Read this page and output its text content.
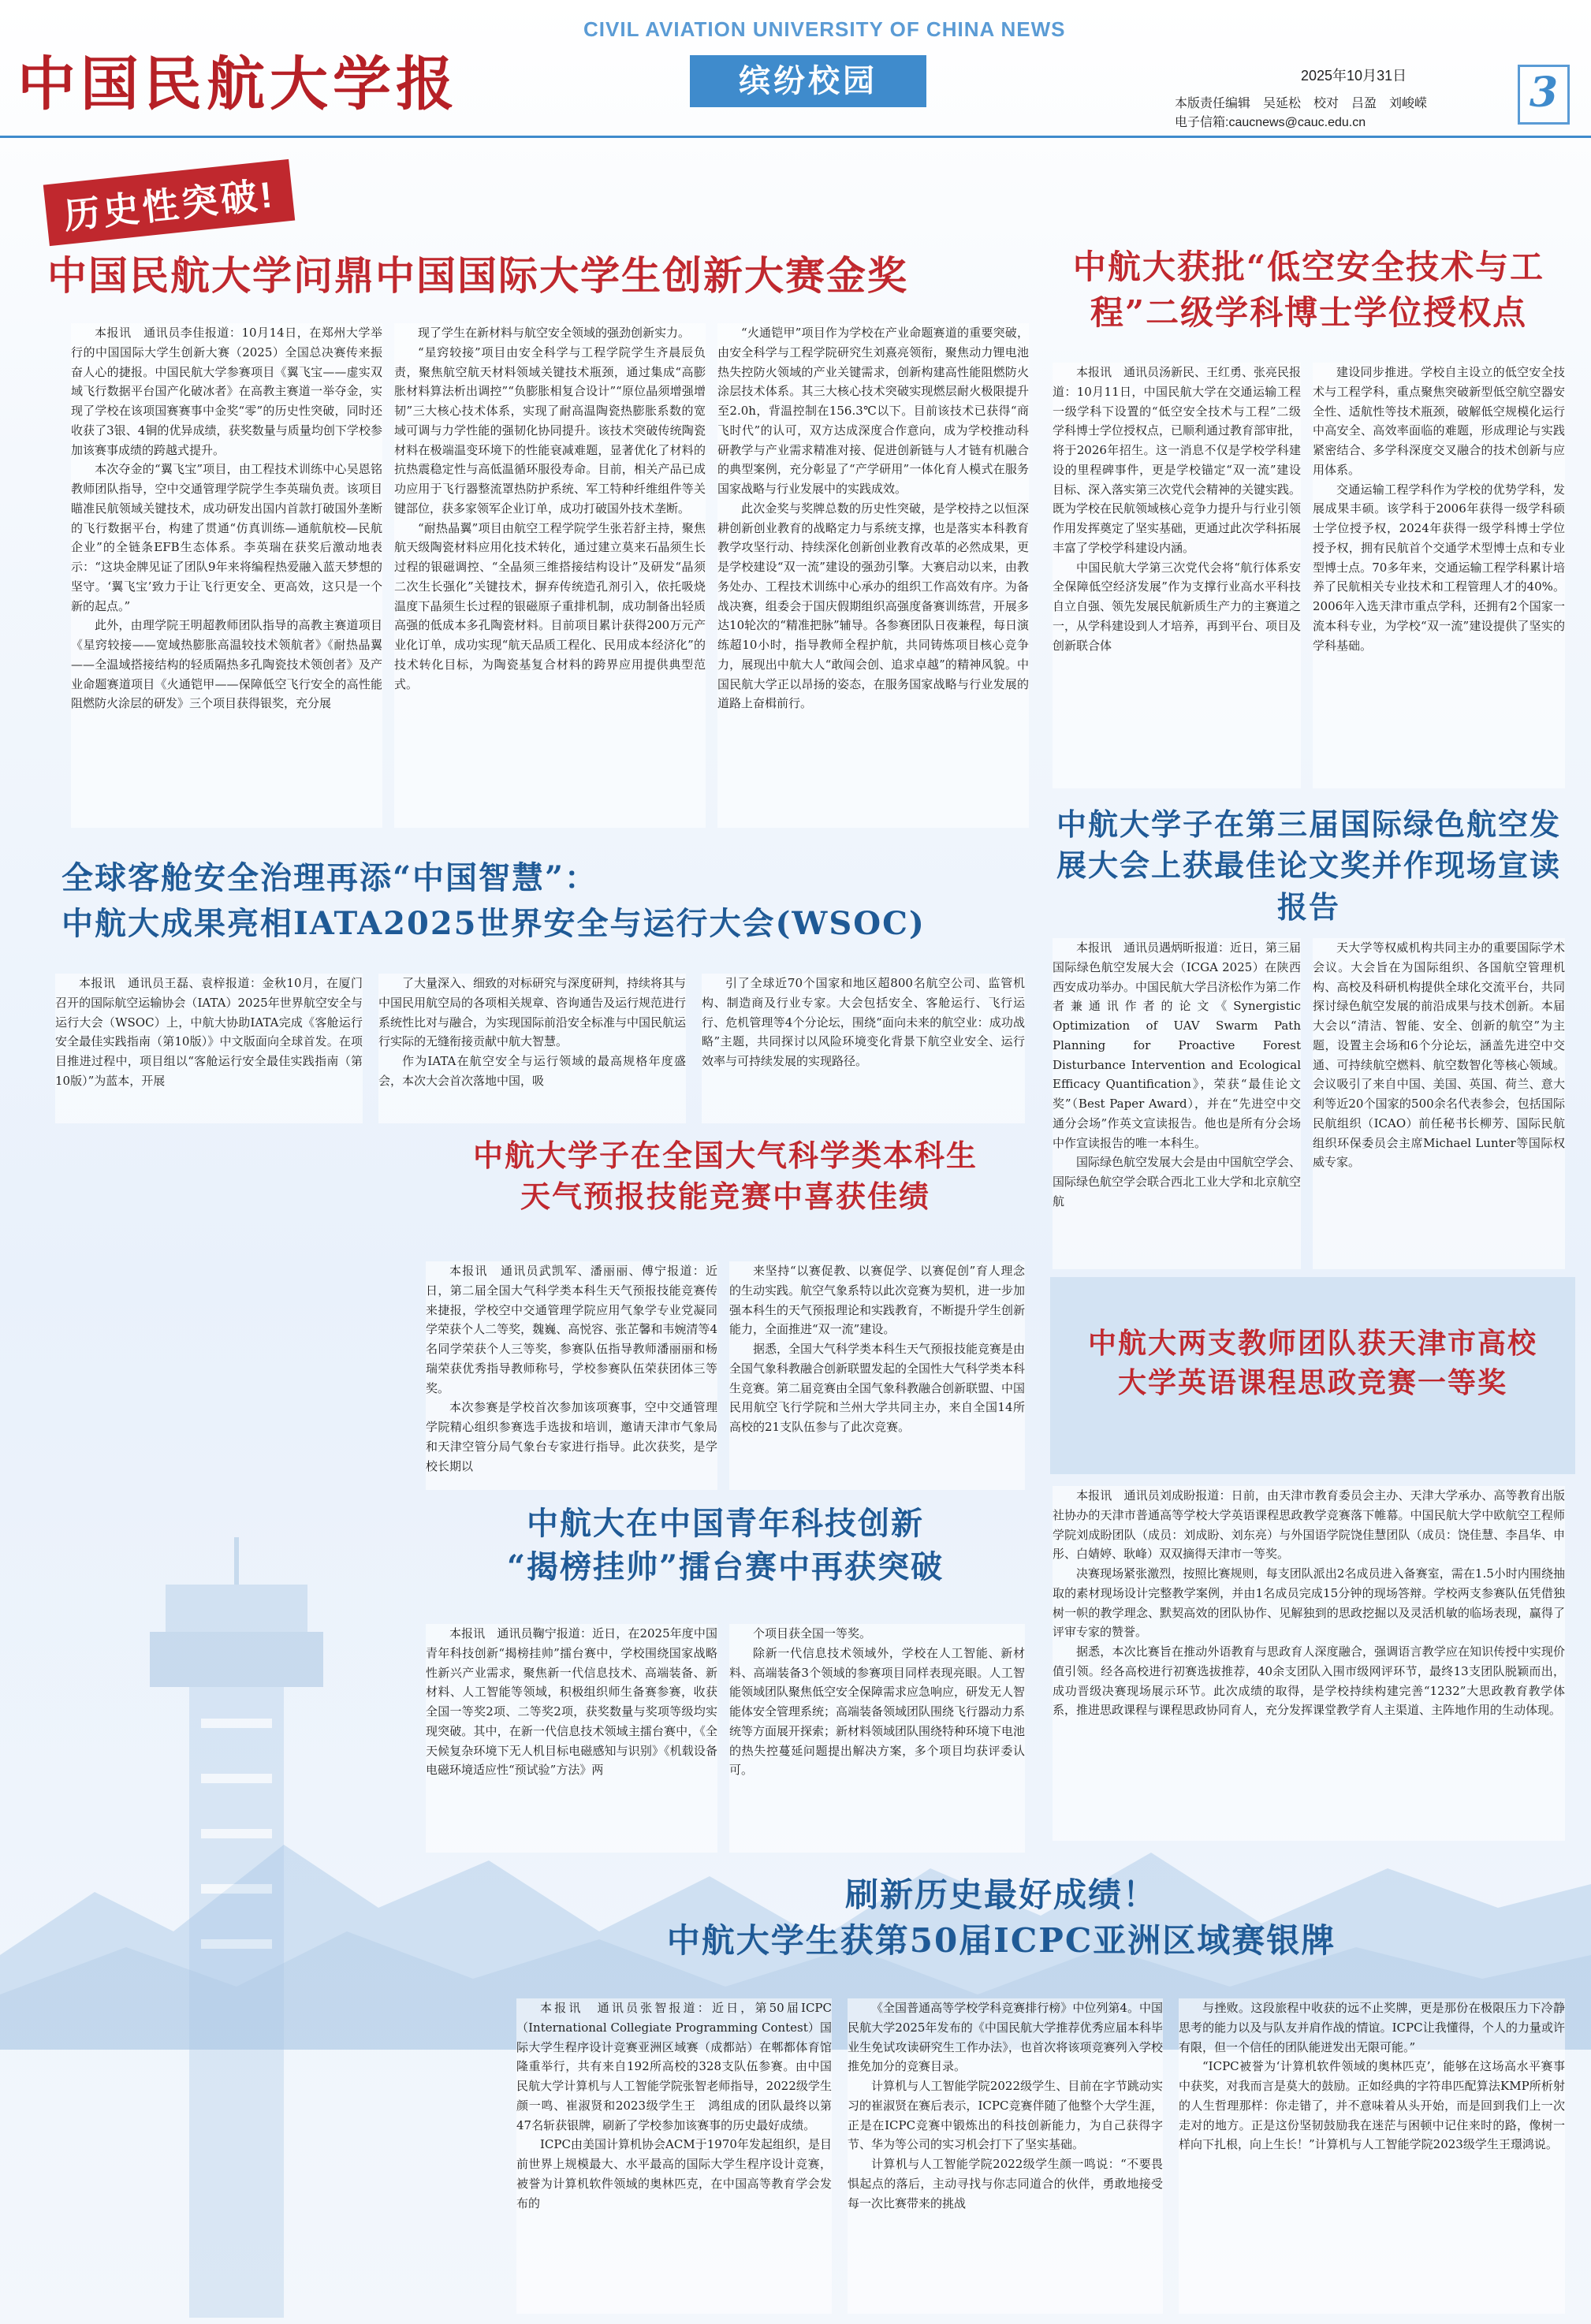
中国民航大学报
CIVIL AVIATION UNIVERSITY OF CHINA NEWS
缤纷校园	2025年10月31日
本版责任编辑　吴延松　校对　吕盈　刘峻嵘
电子信箱:caucnews@cauc.edu.cn
3
历史性突破!
中国民航大学问鼎中国国际大学生创新大赛金奖

本报讯　通讯员李佳报道：10月14日，在郑州大学举行的中国国际大学生创新大赛（2025）全国总决赛传来振奋人心的捷报。中国民航大学参赛项目《翼飞宝——虚实双域飞行数据平台国产化破冰者》在高教主赛道一举夺金，实现了学校在该项国赛赛事中金奖“零”的历史性突破，同时还收获了3银、4铜的优异成绩，获奖数量与质量均创下学校参加该赛事成绩的跨越式提升。

本次夺金的“翼飞宝”项目，由工程技术训练中心吴恩铭教师团队指导，空中交通管理学院学生李英瑞负责。该项目瞄准民航领域关键技术，成功研发出国内首款打破国外垄断的飞行数据平台，构建了贯通“仿真训练—通航航校—民航企业”的全链条EFB生态体系。李英瑞在获奖后激动地表示：“这块金牌见证了团队9年来将编程热爱融入蓝天梦想的坚守。‘翼飞宝’致力于让飞行更安全、更高效，这只是一个新的起点。”

此外，由理学院王明超教师团队指导的高教主赛道项目《星窍较接——宽域热膨胀高温较技术领航者》《耐热晶翼——全温域搭接结构的轻质隔热多孔陶瓷技术领创者》及产业命题赛道项目《火通铠甲——保障低空飞行安全的高性能阻燃防火涂层的研发》三个项目获得银奖，充分展

现了学生在新材料与航空安全领域的强劲创新实力。

“星窍较接”项目由安全科学与工程学院学生齐晨辰负责，聚焦航空航天材料领域关键技术瓶颈，通过集成“高膨胀材料算法析出调控”“负膨胀相复合设计”“原位晶须增强增韧”三大核心技术体系，实现了耐高温陶瓷热膨胀系数的宽域可调与力学性能的强韧化协同提升。该技术突破传统陶瓷材料在极端温变环境下的性能衰减难题，显著优化了材料的抗热震稳定性与高低温循环服役寿命。目前，相关产品已成功应用于飞行器整流罩热防护系统、军工特种纤维组件等关键部位，获多家领军企业订单，成功打破国外技术垄断。

“耐热晶翼”项目由航空工程学院学生张若舒主持，聚焦航天级陶瓷材料应用化技术转化，通过建立莫来石晶须生长过程的银磁调控、“全晶须三维搭接结构设计”及研发“晶须二次生长强化”关键技术，摒弃传统造孔剂引入，依托吸烧温度下晶须生长过程的银磁原子重排机制，成功制备出轻质高强的低成本多孔陶瓷材料。目前项目累计获得200万元产业化订单，成功实现“航天品质工程化、民用成本经济化”的技术转化目标，为陶瓷基复合材料的跨界应用提供典型范式。

“火通铠甲”项目作为学校在产业命题赛道的重要突破，由安全科学与工程学院研究生刘熹亮领衔，聚焦动力锂电池热失控防火领域的产业关键需求，创新构建高性能阻燃防火涂层技术体系。其三大核心技术突破实现燃层耐火极限提升至2.0h，背温控制在156.3℃以下。目前该技术已获得“商飞时代”的认可，双方达成深度合作意向，成为学校推动科研教学与产业需求精准对接、促进创新链与人才链有机融合的典型案例，充分彰显了“产学研用”一体化育人模式在服务国家战略与行业发展中的实践成效。

此次金奖与奖牌总数的历史性突破，是学校持之以恒深耕创新创业教育的战略定力与系统支撑，也是落实本科教育教学攻坚行动、持续深化创新创业教育改革的必然成果，更是学校建设“双一流”建设的强劲引擎。大赛启动以来，由教务处办、工程技术训练中心承办的组织工作高效有序。为备战决赛，组委会于国庆假期组织高强度备赛训练营，开展多达10轮次的“精准把脉”辅导。各参赛团队日夜兼程，每日演练超10小时，指导教师全程护航，共同铸炼项目核心竞争力，展现出中航大人“敢闯会创、追求卓越”的精神风貌。中国民航大学正以昂扬的姿态，在服务国家战略与行业发展的道路上奋楫前行。

中航大获批“低空安全技术与工程”二级学科博士学位授权点

本报讯　通讯员汤新民、王红勇、张亮民报道：10月11日，中国民航大学在交通运输工程一级学科下设置的“低空安全技术与工程”二级学科博士学位授权点，已顺利通过教育部审批，将于2026年招生。这一消息不仅是学校学科建设的里程碑事件，更是学校锚定“双一流”建设目标、深入落实第三次党代会精神的关键实践。既为学校在民航领域核心竞争力提升与行业引领作用发挥奠定了坚实基础，更通过此次学科拓展丰富了学校学科建设内涵。

中国民航大学第三次党代会将“航行体系安全保障低空经济发展”作为支撑行业高水平科技自立自强、领先发展民航新质生产力的主赛道之一，从学科建设到人才培养，再到平台、项目及创新联合体

建设同步推进。学校自主设立的低空安全技术与工程学科，重点聚焦突破新型低空航空器安全性、适航性等技术瓶颈，破解低空规模化运行中高安全、高效率面临的难题，形成理论与实践紧密结合、多学科深度交叉融合的技术创新与应用体系。

交通运输工程学科作为学校的优势学科，发展成果丰硕。该学科于2006年获得一级学科硕士学位授予权，2024年获得一级学科博士学位授予权，拥有民航首个交通学术型博士点和专业型博士点。70多年来，交通运输工程学科累计培养了民航相关专业技术和工程管理人才的40%。2006年入选天津市重点学科，还拥有2个国家一流本科专业，为学校“双一流”建设提供了坚实的学科基础。

中航大学子在第三届国际绿色航空发展大会上获最佳论文奖并作现场宣读报告

本报讯　通讯员遇炳昕报道：近日，第三届国际绿色航空发展大会（ICGA 2025）在陕西西安成功举办。中国民航大学吕济松作为第二作者兼通讯作者的论文《Synergistic Optimization of UAV Swarm Path Planning for Proactive Forest Disturbance Intervention and Ecological Efficacy Quantification》，荣获“最佳论文奖”（Best Paper Award），并在“先进空中交通分会场”作英文宣读报告。他也是所有分会场中作宣读报告的唯一本科生。

国际绿色航空发展大会是由中国航空学会、国际绿色航空学会联合西北工业大学和北京航空航

天大学等权威机构共同主办的重要国际学术会议。大会旨在为国际组织、各国航空管理机构、高校及科研机构提供全球化交流平台，共同探讨绿色航空发展的前沿成果与技术创新。本届大会以“清洁、智能、安全、创新的航空”为主题，设置主会场和6个分论坛，涵盖先进空中交通、可持续航空燃料、航空数智化等核心领域。会议吸引了来自中国、美国、英国、荷兰、意大利等近20个国家的500余名代表参会，包括国际民航组织（ICAO）前任秘书长柳芳、国际民航组织环保委员会主席Michael Lunter等国际权威专家。

全球客舱安全治理再添“中国智慧”：
中航大成果亮相IATA2025世界安全与运行大会(WSOC)

本报讯　通讯员王磊、袁梓报道：金秋10月，在厦门召开的国际航空运输协会（IATA）2025年世界航空安全与运行大会（WSOC）上，中航大协助IATA完成《客舱运行安全最佳实践指南（第10版）》中文版面向全球首发。在项目推进过程中，项目组以“客舱运行安全最佳实践指南（第10版）”为蓝本，开展

了大量深入、细致的对标研究与深度研判，持续将其与中国民用航空局的各项相关规章、咨询通告及运行规范进行系统性比对与融合，为实现国际前沿安全标准与中国民航运行实际的无缝衔接贡献中航大智慧。

作为IATA在航空安全与运行领域的最高规格年度盛会，本次大会首次落地中国，吸

引了全球近70个国家和地区超800名航空公司、监管机构、制造商及行业专家。大会包括安全、客舱运行、飞行运行、危机管理等4个分论坛，围绕“面向未来的航空业：成功战略”主题，共同探讨以风险环境变化背景下航空业安全、运行效率与可持续发展的实现路径。

中航大学子在全国大气科学类本科生
天气预报技能竞赛中喜获佳绩

本报讯　通讯员武凯军、潘丽丽、傅宁报道：近日，第二届全国大气科学类本科生天气预报技能竞赛传来捷报，学校空中交通管理学院应用气象学专业党凝同学荣获个人二等奖，魏巍、高悦容、张芷馨和韦婉清等4名同学荣获个人三等奖，参赛队伍指导教师潘丽丽和杨瑞荣获优秀指导教师称号，学校参赛队伍荣获团体三等奖。

本次参赛是学校首次参加该项赛事，空中交通管理学院精心组织参赛选手选拔和培训，邀请天津市气象局和天津空管分局气象台专家进行指导。此次获奖，是学校长期以

来坚持“以赛促教、以赛促学、以赛促创”育人理念的生动实践。航空气象系特以此次竞赛为契机，进一步加强本科生的天气预报理论和实践教育，不断提升学生创新能力，全面推进“双一流”建设。

据悉，全国大气科学类本科生天气预报技能竞赛是由全国气象科教融合创新联盟发起的全国性大气科学类本科生竞赛。第二届竞赛由全国气象科教融合创新联盟、中国民用航空飞行学院和兰州大学共同主办，来自全国14所高校的21支队伍参与了此次竞赛。

中航大两支教师团队获天津市高校
大学英语课程思政竞赛一等奖

本报讯　通讯员刘成盼报道：日前，由天津市教育委员会主办、天津大学承办、高等教育出版社协办的天津市普通高等学校大学英语课程思政教学竞赛落下帷幕。中国民航大学中欧航空工程师学院刘成盼团队（成员：刘成盼、刘东亮）与外国语学院饶佳慧团队（成员：饶佳慧、李昌华、申彤、白婧婷、耿峰）双双摘得天津市一等奖。

决赛现场紧张激烈，按照比赛规则，每支团队派出2名成员进入备赛室，需在1.5小时内围绕抽取的素材现场设计完整教学案例，并由1名成员完成15分钟的现场答辩。学校两支参赛队伍凭借独树一帜的教学理念、默契高效的团队协作、见解独到的思政挖掘以及灵活机敏的临场表现，赢得了评审专家的赞誉。

据悉，本次比赛旨在推动外语教育与思政育人深度融合，强调语言教学应在知识传授中实现价值引领。经各高校进行初赛选拔推荐，40余支团队入围市级网评环节，最终13支团队脱颖而出，成功晋级决赛现场展示环节。此次成绩的取得，是学校持续构建完善“1232”大思政教育教学体系，推进思政课程与课程思政协同育人，充分发挥课堂教学育人主渠道、主阵地作用的生动体现。

中航大在中国青年科技创新
“揭榜挂帅”擂台赛中再获突破

本报讯　通讯员鞠宁报道：近日，在2025年度中国青年科技创新“揭榜挂帅”擂台赛中，学校围绕国家战略性新兴产业需求，聚焦新一代信息技术、高端装备、新材料、人工智能等领域，积极组织师生备赛参赛，收获全国一等奖2项、二等奖2项，获奖数量与奖项等级均实现突破。其中，在新一代信息技术领域主擂台赛中，《全天候复杂环境下无人机目标电磁感知与识别》《机载设备电磁环境适应性“预试验”方法》两

个项目获全国一等奖。

除新一代信息技术领域外，学校在人工智能、新材料、高端装备3个领域的参赛项目同样表现亮眼。人工智能领域团队聚焦低空安全保障需求应急响应，研发无人智能体安全管理系统；高端装备领域团队围绕飞行器动力系统等方面展开探索；新材料领域团队围绕特种环境下电池的热失控蔓延问题提出解决方案，多个项目均获评委认可。

刷新历史最好成绩！
中航大学生获第50届ICPC亚洲区域赛银牌

本报讯　通讯员张智报道：近日，第50届ICPC（International Collegiate Programming Contest）国际大学生程序设计竞赛亚洲区域赛（成都站）在郫都体育馆隆重举行，共有来自192所高校的328支队伍参赛。由中国民航大学计算机与人工智能学院张智老师指导，2022级学生颜一鸣、崔淑贤和2023级学生王　鸿组成的团队最终以第47名斩获银牌，刷新了学校参加该赛事的历史最好成绩。

ICPC由美国计算机协会ACM于1970年发起组织，是目前世界上规模最大、水平最高的国际大学生程序设计竞赛，被誉为计算机软件领域的奥林匹克，在中国高等教育学会发布的

《全国普通高等学校学科竞赛排行榜》中位列第4。中国民航大学2025年发布的《中国民航大学推荐优秀应届本科毕业生免试攻读研究生工作办法》，也首次将该项竞赛列入学校推免加分的竞赛目录。

计算机与人工智能学院2022级学生、目前在字节跳动实习的崔淑贤在赛后表示，ICPC竞赛伴随了他整个大学生涯，正是在ICPC竞赛中锻炼出的科技创新能力，为自己获得字节、华为等公司的实习机会打下了坚实基础。

计算机与人工智能学院2022级学生颜一鸣说：“不要畏惧起点的落后，主动寻找与你志同道合的伙伴，勇敢地接受每一次比赛带来的挑战

与挫败。这段旅程中收获的远不止奖牌，更是那份在极限压力下冷静思考的能力以及与队友并肩作战的情谊。ICPC让我懂得，个人的力量或许有限，但一个信任的团队能迸发出无限可能。”

“ICPC被誉为‘计算机软件领域的奥林匹克’，能够在这场高水平赛事中获奖，对我而言是莫大的鼓励。正如经典的字符串匹配算法KMP所析射的人生哲理那样：你走错了，并不意味着从头开始，而是回到我们上一次走对的地方。正是这份坚韧鼓励我在迷茫与困顿中记住来时的路，像树一样向下扎根，向上生长！”计算机与人工智能学院2023级学生王璟鸿说。
